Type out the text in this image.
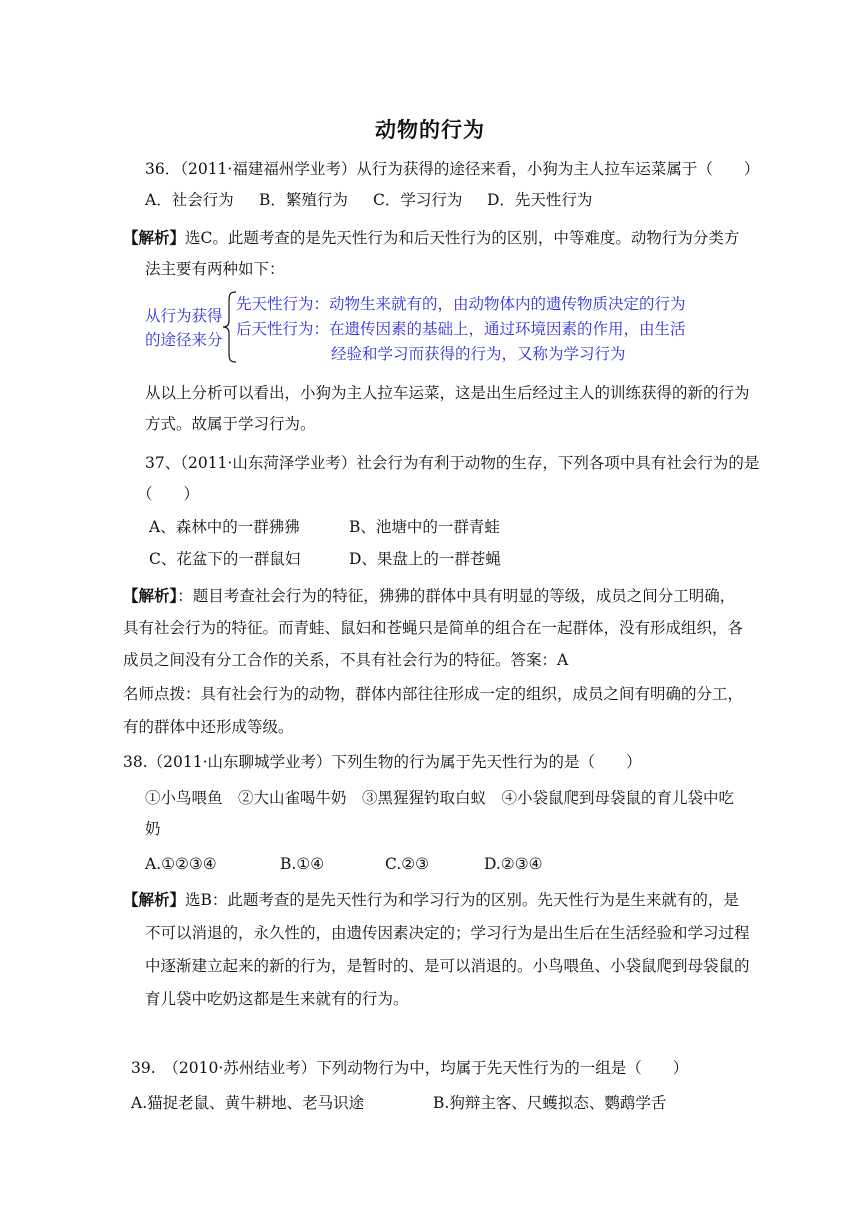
动物的行为
36．（2011·福建福州学业考）从行为获得的途径来看，小狗为主人拉车运菜属于（　　）
A．社会行为 B．繁殖行为 C．学习行为 D．先天性行为
【解析】选C。此题考查的是先天性行为和后天性行为的区别，中等难度。动物行为分类方
法主要有两种如下：
从行为获得
的途径来分
先天性行为：动物生来就有的，由动物体内的遗传物质决定的行为
后天性行为：在遗传因素的基础上，通过环境因素的作用，由生活
经验和学习而获得的行为，又称为学习行为
从以上分析可以看出，小狗为主人拉车运菜，这是出生后经过主人的训练获得的新的行为
方式。故属于学习行为。
37、（2011·山东菏泽学业考）社会行为有利于动物的生存，下列各项中具有社会行为的是
（　　）
A、森林中的一群狒狒	B、池塘中的一群青蛙
C、花盆下的一群鼠妇	D、果盘上的一群苍蝇
【解析】：题目考查社会行为的特征，狒狒的群体中具有明显的等级，成员之间分工明确，
具有社会行为的特征。而青蛙、鼠妇和苍蝇只是简单的组合在一起群体，没有形成组织，各
成员之间没有分工合作的关系，不具有社会行为的特征。答案：A
名师点拨：具有社会行为的动物，群体内部往往形成一定的组织，成员之间有明确的分工，
有的群体中还形成等级。
38.（2011·山东聊城学业考）下列生物的行为属于先天性行为的是（　　）
①小鸟喂鱼　②大山雀喝牛奶　③黑猩猩钓取白蚁　④小袋鼠爬到母袋鼠的育儿袋中吃
奶
A.①②③④	B.①④	C.②③	D.②③④
【解析】选B：此题考查的是先天性行为和学习行为的区别。先天性行为是生来就有的，是
不可以消退的，永久性的，由遗传因素决定的；学习行为是出生后在生活经验和学习过程
中逐渐建立起来的新的行为，是暂时的、是可以消退的。小鸟喂鱼、小袋鼠爬到母袋鼠的
育儿袋中吃奶这都是生来就有的行为。
39.　（2010·苏州结业考）下列动物行为中，均属于先天性行为的一组是（　　）
A.猫捉老鼠、黄牛耕地、老马识途	B.狗辩主客、尺蠖拟态、鹦鹉学舌
